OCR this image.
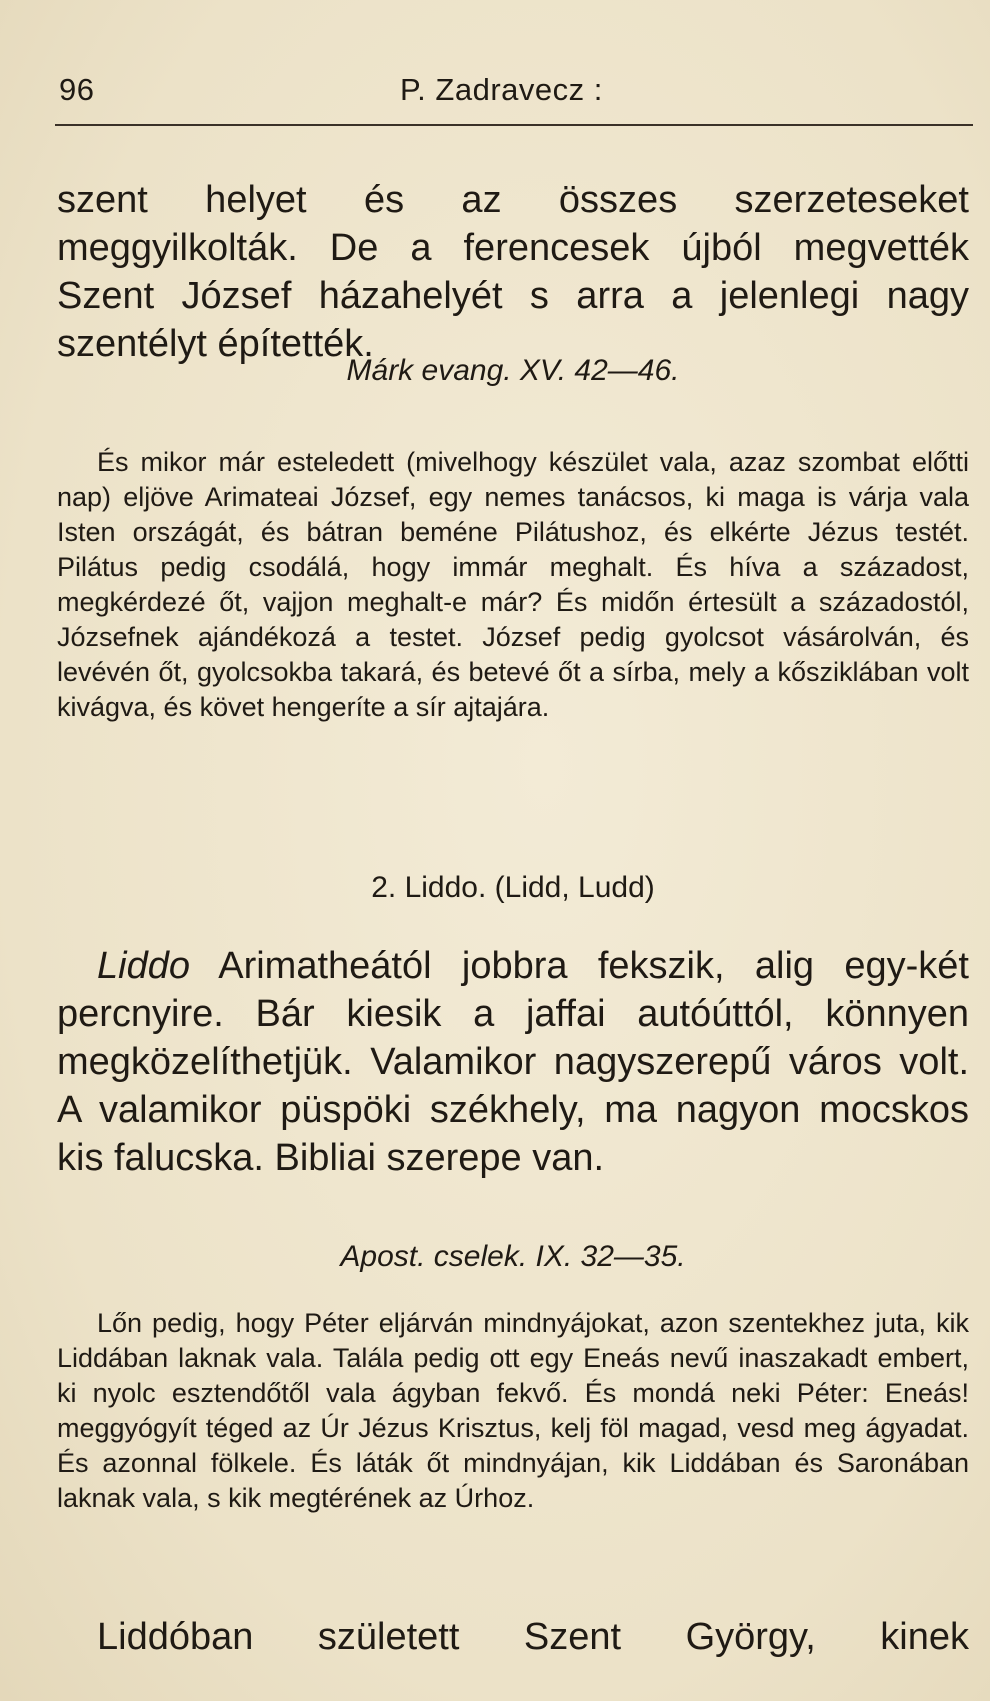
96	P. Zadravecz :

szent helyet és az összes szerzeteseket meggyilkolták. De a ferencesek újból megvették Szent József házahelyét s arra a jelenlegi nagy szentélyt építették.

Márk evang. XV. 42—46.

És mikor már esteledett (mivelhogy készület vala, azaz szombat előtti nap) eljöve Arimateai József, egy nemes tanácsos, ki maga is várja vala Isten országát, és bátran beméne Pilátushoz, és elkérte Jézus testét. Pilátus pedig csodálá, hogy immár meghalt. És híva a századost, megkérdezé őt, vajjon meghalt-e már? És midőn értesült a századostól, Józsefnek ajándékozá a testet. József pedig gyolcsot vásárolván, és levévén őt, gyolcsokba takará, és betevé őt a sírba, mely a kősziklában volt kivágva, és követ hengeríte a sír ajtajára.

2. Liddo. (Lidd, Ludd)

Liddo Arimatheától jobbra fekszik, alig egy-két percnyire. Bár kiesik a jaffai autóúttól, könnyen megközelíthetjük. Valamikor nagyszerepű város volt. A valamikor püspöki székhely, ma nagyon mocskos kis falucska. Bibliai szerepe van.

Apost. cselek. IX. 32—35.

Lőn pedig, hogy Péter eljárván mindnyájokat, azon szentekhez juta, kik Liddában laknak vala. Talála pedig ott egy Eneás nevű inaszakadt embert, ki nyolc esztendőtől vala ágyban fekvő. És mondá neki Péter: Eneás! meggyógyít téged az Úr Jézus Krisztus, kelj föl magad, vesd meg ágyadat. És azonnal fölkele. És láták őt mindnyájan, kik Liddában és Saronában laknak vala, s kik megtérének az Úrhoz.

Liddóban született Szent György, kinek
